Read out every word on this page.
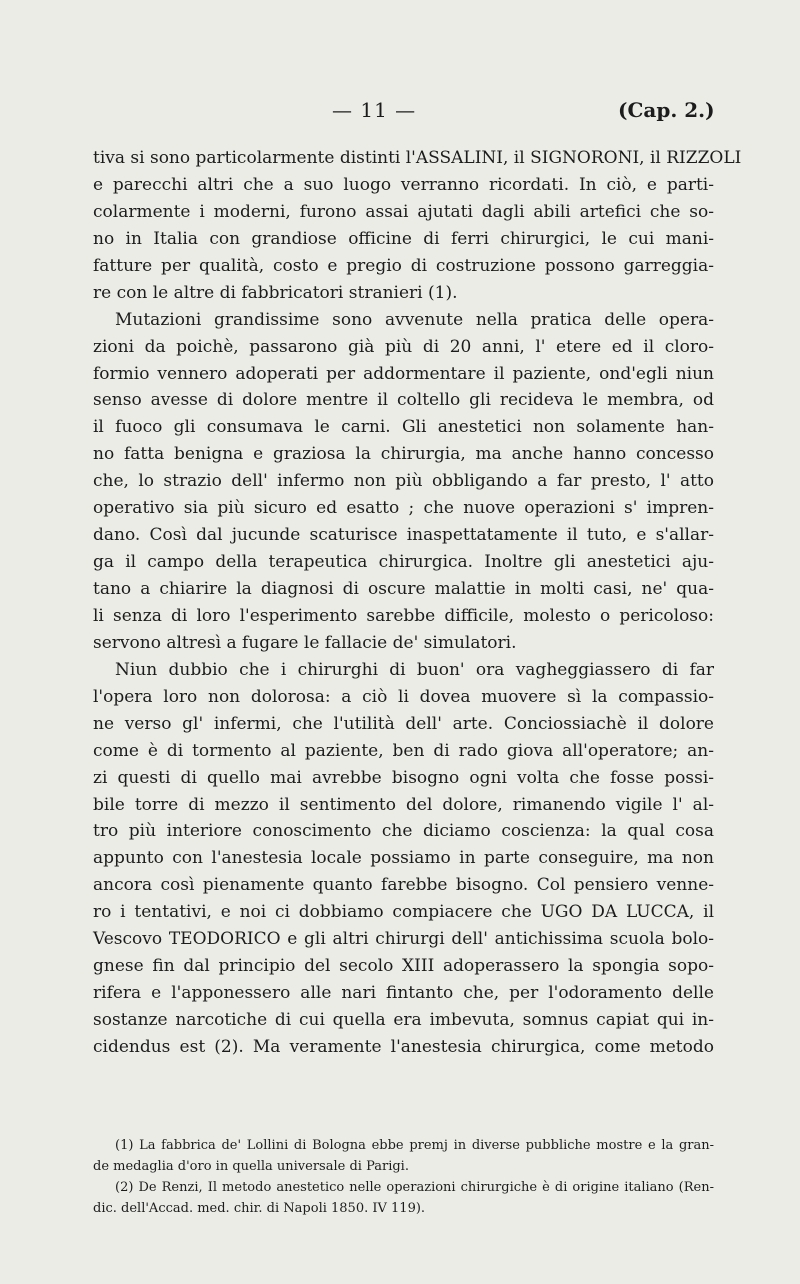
— 11 —	(Cap. 2.)
tiva si sono particolarmente distinti l'ASSALINI, il SIGNORONI, il RIZZOLI
e parecchi altri che a suo luogo verranno ricordati. In ciò, e parti-
colarmente i moderni, furono assai ajutati dagli abili artefici che so-
no in Italia con grandiose officine di ferri chirurgici, le cui mani-
fatture per qualità, costo e pregio di costruzione possono garreggia-
re con le altre di fabbricatori stranieri (1).
Mutazioni grandissime sono avvenute nella pratica delle opera-
zioni da poichè, passarono già più di 20 anni, l' etere ed il cloro-
formio vennero adoperati per addormentare il paziente, ond'egli niun
senso avesse di dolore mentre il coltello gli recideva le membra, od
il fuoco gli consumava le carni. Gli anestetici non solamente han-
no fatta benigna e graziosa la chirurgia, ma anche hanno concesso
che, lo strazio dell' infermo non più obbligando a far presto, l' atto
operativo sia più sicuro ed esatto ; che nuove operazioni s' impren-
dano. Così dal jucunde scaturisce inaspettatamente il tuto, e s'allar-
ga il campo della terapeutica chirurgica. Inoltre gli anestetici aju-
tano a chiarire la diagnosi di oscure malattie in molti casi, ne' qua-
li senza di loro l'esperimento sarebbe difficile, molesto o pericoloso:
servono altresì a fugare le fallacie de' simulatori.
Niun dubbio che i chirurghi di buon' ora vagheggiassero di far
l'opera loro non dolorosa: a ciò li dovea muovere sì la compassio-
ne verso gl' infermi, che l'utilità dell' arte. Conciossiachè il dolore
come è di tormento al paziente, ben di rado giova all'operatore; an-
zi questi di quello mai avrebbe bisogno ogni volta che fosse possi-
bile torre di mezzo il sentimento del dolore, rimanendo vigile l' al-
tro più interiore conoscimento che diciamo coscienza: la qual cosa
appunto con l'anestesia locale possiamo in parte conseguire, ma non
ancora così pienamente quanto farebbe bisogno. Col pensiero venne-
ro i tentativi, e noi ci dobbiamo compiacere che UGO DA LUCCA, il
Vescovo TEODORICO e gli altri chirurgi dell' antichissima scuola bolo-
gnese fin dal principio del secolo XIII adoperassero la spongia sopo-
rifera e l'apponessero alle nari fintanto che, per l'odoramento delle
sostanze narcotiche di cui quella era imbevuta, somnus capiat qui in-
cidendus est (2). Ma veramente l'anestesia chirurgica, come metodo
(1) La fabbrica de' Lollini di Bologna ebbe premj in diverse pubbliche mostre e la gran-
de medaglia d'oro in quella universale di Parigi.
(2) De Renzi, Il metodo anestetico nelle operazioni chirurgiche è di origine italiano (Ren-
dic. dell'Accad. med. chir. di Napoli 1850. IV 119).
